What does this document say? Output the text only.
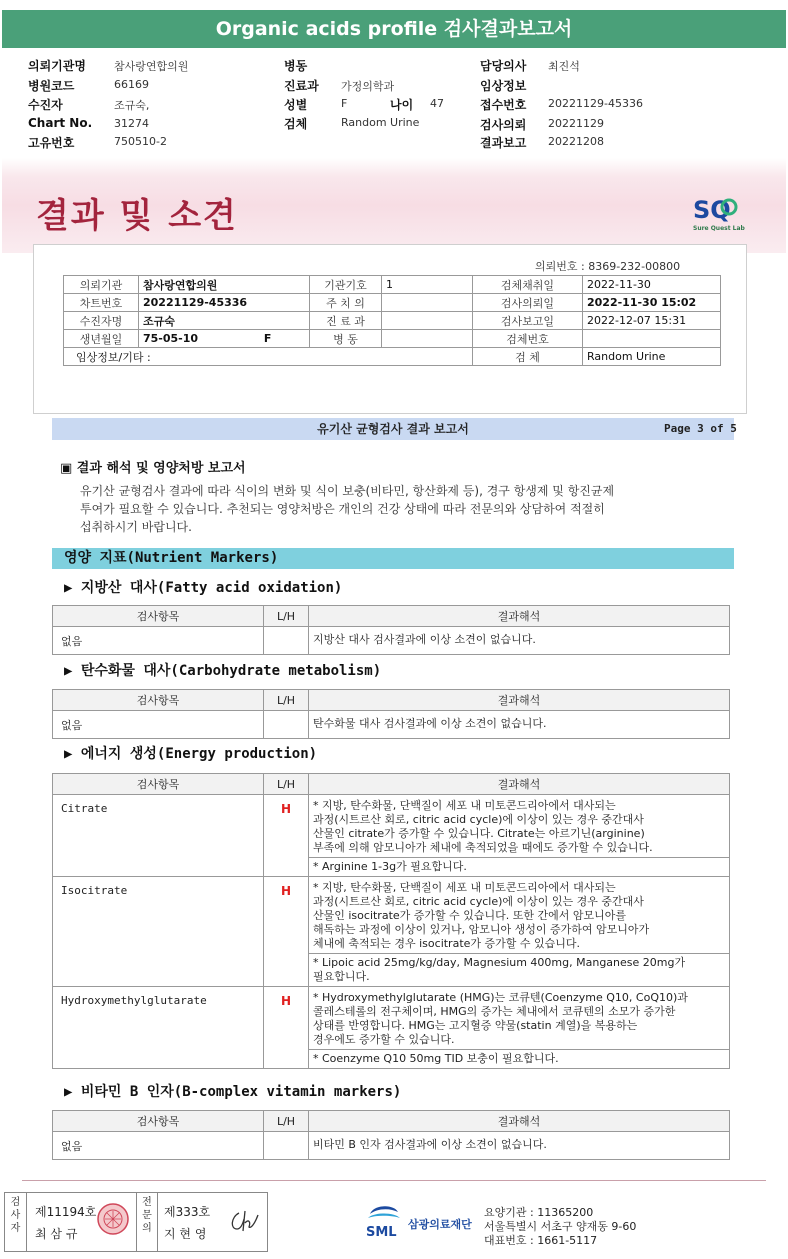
Organic acids profile 검사결과보고서
의뢰기관명	참사랑연합의원
병원코드	66169
수진자	조규숙,
Chart No. 31274
고유번호	750510-2
병동
진료과 가정의학과
성별	F	나이 47
검체	Random Urine
담당의사 최진석
임상정보
접수번호 20221129-45336
검사의뢰 20221129
결과보고 20221208
결과 및 소견	SQ
Sure Quest Lab
의뢰번호 : 8369-232-00800
의뢰기관	참사랑연합의원	기관기호	1	검체채취일	2022-11-30
차트번호	20221129-45336	주 치 의		검사의뢰일	2022-11-30 15:02
수진자명	조규숙	진 료 과		검사보고일	2022-12-07 15:31
생년월일	75-05-10 F	병 동		검체번호	
임상정보/기타 :				검 체	Random Urine
유기산 균형검사 결과 보고서	Page 3 of 5
▣ 결과 해석 및 영양처방 보고서
유기산 균형검사 결과에 따라 식이의 변화 및 식이 보충(비타민, 항산화제 등), 경구 항생제 및 항진균제
투여가 필요할 수 있습니다. 추천되는 영양처방은 개인의 건강 상태에 따라 전문의와 상담하여 적절히
섭취하시기 바랍니다.
영양 지표(Nutrient Markers)
▶ 지방산 대사(Fatty acid oxidation)
검사항목	L/H	결과해석
없음		지방산 대사 검사결과에 이상 소견이 없습니다.
▶ 탄수화물 대사(Carbohydrate metabolism)
검사항목	L/H	결과해석
없음		탄수화물 대사 검사결과에 이상 소견이 없습니다.
▶ 에너지 생성(Energy production)
검사항목	L/H	결과해석
Citrate	H	* 지방, 탄수화물, 단백질이 세포 내 미토콘드리아에서 대사되는
과정(시트르산 회로, citric acid cycle)에 이상이 있는 경우 중간대사
산물인 citrate가 증가할 수 있습니다. Citrate는 아르기닌(arginine)
부족에 의해 암모니아가 체내에 축적되었을 때에도 증가할 수 있습니다.

		* Arginine 1-3g가 필요합니다.

Isocitrate	H	* 지방, 탄수화물, 단백질이 세포 내 미토콘드리아에서 대사되는
과정(시트르산 회로, citric acid cycle)에 이상이 있는 경우 중간대사
산물인 isocitrate가 증가할 수 있습니다. 또한 간에서 암모니아를
해독하는 과정에 이상이 있거나, 암모니아 생성이 증가하여 암모니아가
체내에 축적되는 경우 isocitrate가 증가할 수 있습니다.

		* Lipoic acid 25mg/kg/day, Magnesium 400mg, Manganese 20mg가
필요합니다.

Hydroxymethylglutarate	H	* Hydroxymethylglutarate (HMG)는 코큐텐(Coenzyme Q10, CoQ10)과
콜레스테롤의 전구체이며, HMG의 증가는 체내에서 코큐텐의 소모가 증가한
상태를 반영합니다. HMG는 고지혈증 약물(statin 계열)을 복용하는
경우에도 증가할 수 있습니다.

		* Coenzyme Q10 50mg TID 보충이 필요합니다.
▶ 비타민 B 인자(B-complex vitamin markers)
검사항목	L/H	결과해석
없음		비타민 B 인자 검사결과에 이상 소견이 없습니다.
검사자
제11194호
최 삼 규
전문의
제333호
지 현 영	SML
삼광의료재단
요양기관 : 11365200
서울특별시 서초구 양재동 9-60
대표번호 : 1661-5117
